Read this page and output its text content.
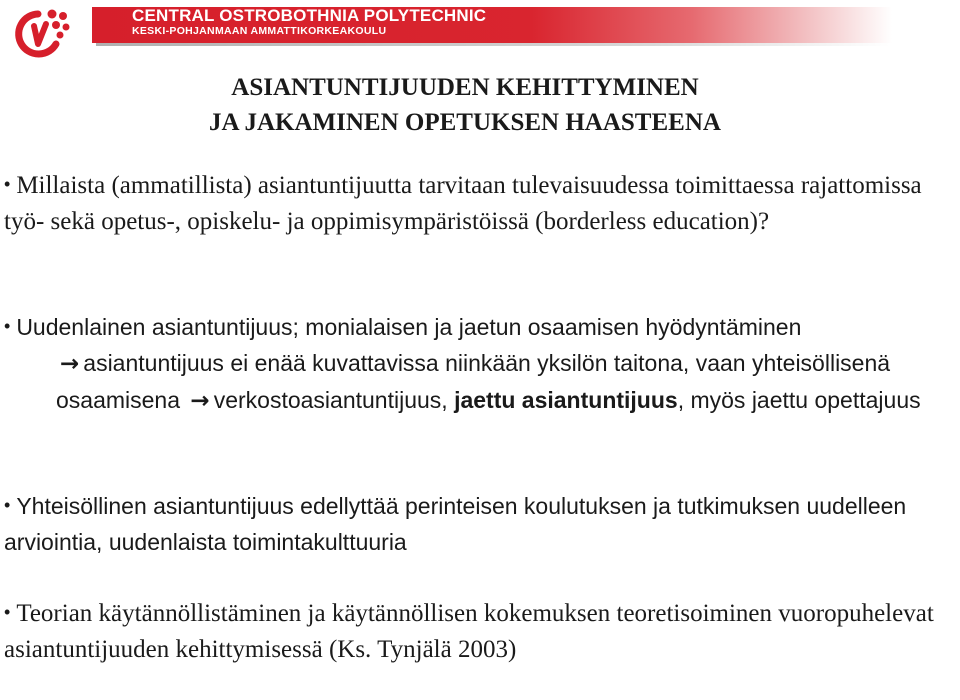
CENTRAL OSTROBOTHNIA POLYTECHNIC
KESKI-POHJANMAAN AMMATTIKORKEAKOULU
ASIANTUNTIJUUDEN KEHITTYMINEN
JA JAKAMINEN OPETUKSEN HAASTEENA
• Millaista (ammatillista) asiantuntijuutta tarvitaan tulevaisuudessa toimittaessa rajattomissa työ- sekä opetus-, opiskelu- ja oppimisympäristöissä (borderless education)?
• Uudenlainen asiantuntijuus; monialaisen ja jaetun osaamisen hyödyntäminen
→ asiantuntijuus ei enää kuvattavissa niinkään yksilön taitona, vaan yhteisöllisenä osaamisena → verkostoasiantuntijuus, jaettu asiantuntijuus, myös jaettu opettajuus
• Yhteisöllinen asiantuntijuus edellyttää perinteisen koulutuksen ja tutkimuksen uudelleen arviointia, uudenlaista toimintakulttuuria
• Teorian käytännöllistäminen ja käytännöllisen kokemuksen teoretisoiminen vuoropuhelevat asiantuntijuuden kehittymisessä (Ks. Tynjälä 2003)
